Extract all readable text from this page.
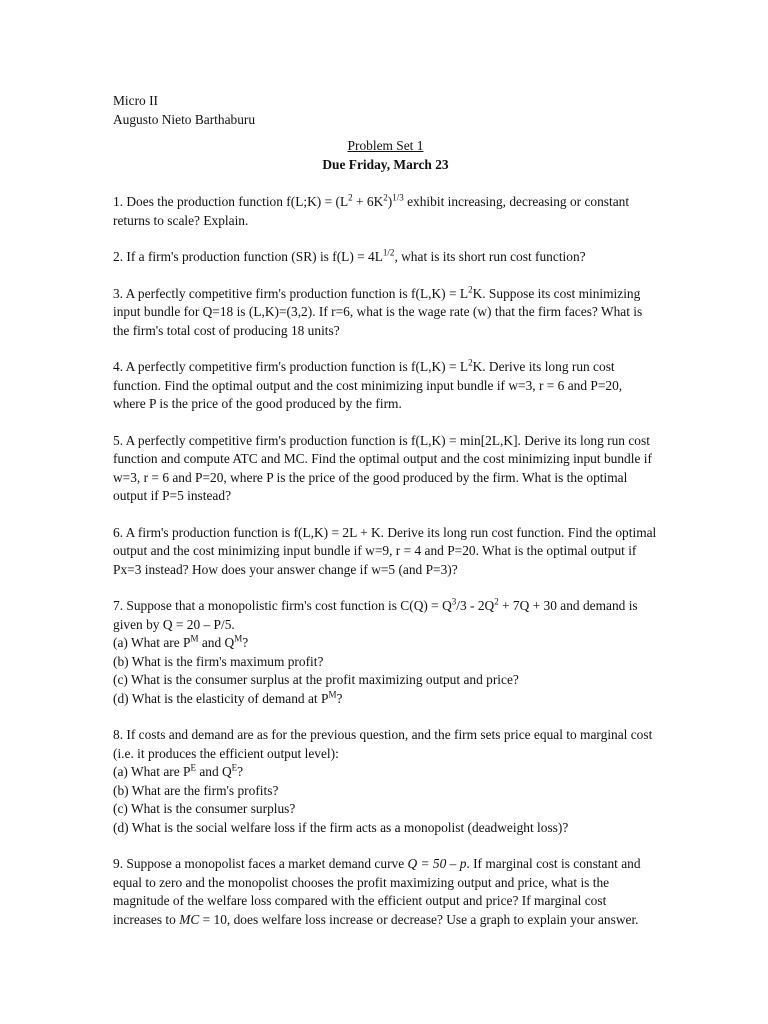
Micro II
Augusto Nieto Barthaburu
Problem Set 1
Due Friday, March 23

1. Does the production function f(L;K) = $(L^2 + 6K^2)^{1/3}$ exhibit increasing, decreasing or constant returns to scale? Explain.

2. If a firm's production function (SR) is $f(L) = 4L^{1/2}$, what is its short run cost function?

3. A perfectly competitive firm's production function is $f(L,K) = L^2K$. Suppose its cost minimizing input bundle for Q=18 is (L,K)=(3,2). If r=6, what is the wage rate (w) that the firm faces? What is the firm's total cost of producing 18 units?

4. A perfectly competitive firm's production function is $f(L,K) = L^2K$. Derive its long run cost function. Find the optimal output and the cost minimizing input bundle if w=3, r = 6 and P=20, where P is the price of the good produced by the firm.

5. A perfectly competitive firm's production function is f(L,K) = min[2L,K]. Derive its long run cost function and compute ATC and MC. Find the optimal output and the cost minimizing input bundle if w=3, r = 6 and P=20, where P is the price of the good produced by the firm. What is the optimal output if P=5 instead?

6. A firm's production function is f(L,K) = 2L + K. Derive its long run cost function. Find the optimal output and the cost minimizing input bundle if w=9, r = 4 and P=20. What is the optimal output if Px=3 instead? How does your answer change if w=5 (and P=3)?

7. Suppose that a monopolistic firm's cost function is $C(Q) = Q^3/3 - 2Q^2 + 7Q + 30$ and demand is given by Q = 20 – P/5.

(a) What are $P^M$ and $Q^M$?

(b) What is the firm's maximum profit?

(c) What is the consumer surplus at the profit maximizing output and price?

(d) What is the elasticity of demand at $P^M$?

8. If costs and demand are as for the previous question, and the firm sets price equal to marginal cost (i.e. it produces the efficient output level):

(a) What are $P^E$ and $Q^E$?

(b) What are the firm's profits?

(c) What is the consumer surplus?

(d) What is the social welfare loss if the firm acts as a monopolist (deadweight loss)?

9. Suppose a monopolist faces a market demand curve Q = 50 – p. If marginal cost is constant and equal to zero and the monopolist chooses the profit maximizing output and price, what is the magnitude of the welfare loss compared with the efficient output and price? If marginal cost increases to MC = 10, does welfare loss increase or decrease? Use a graph to explain your answer.
